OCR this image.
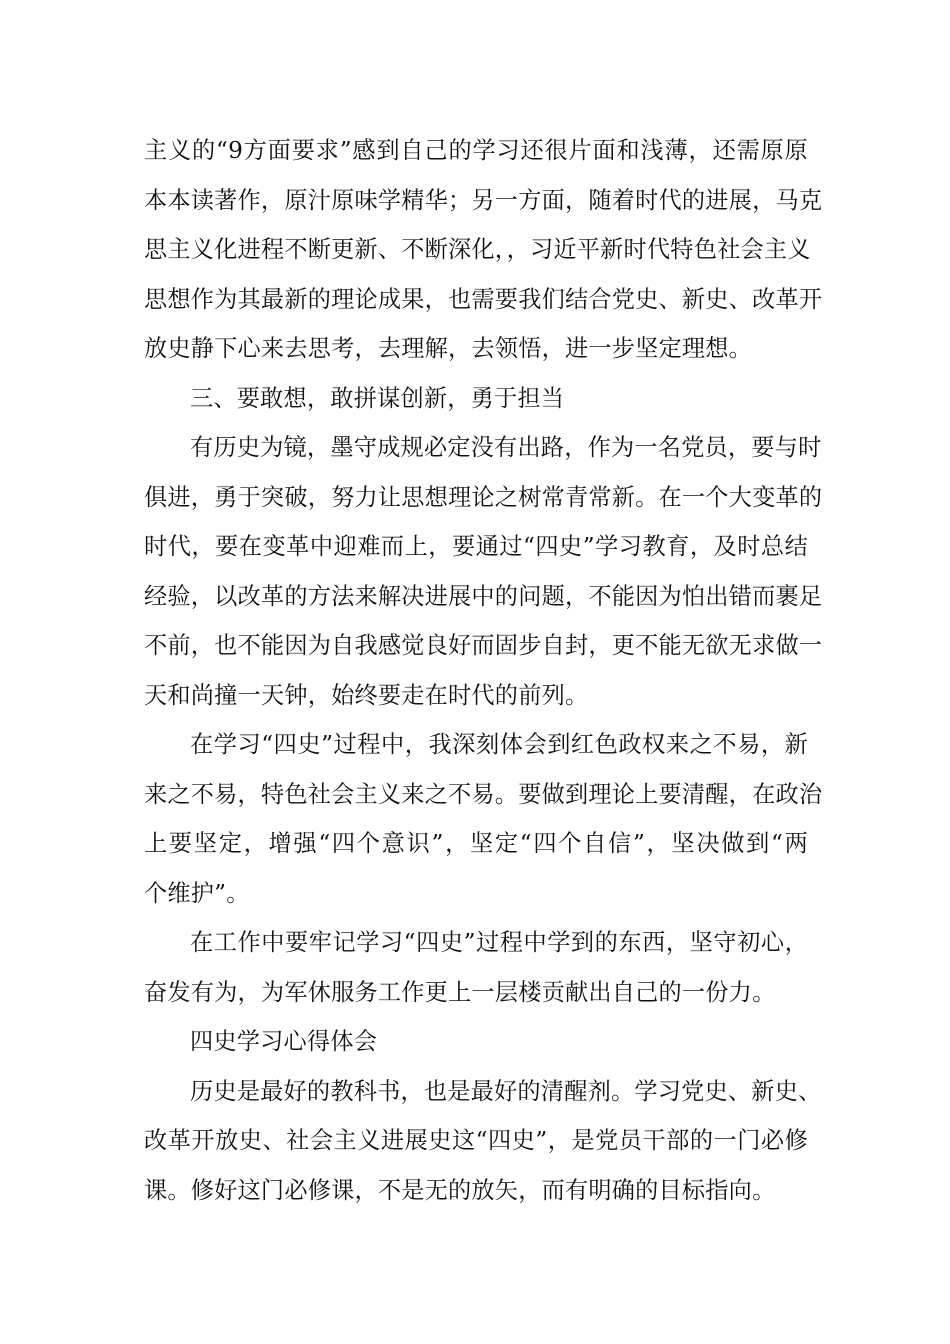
主义的“9方面要求”感到自己的学习还很片面和浅薄，还需原原
本本读著作，原汁原味学精华；另一方面，随着时代的进展，马克
思主义化进程不断更新、不断深化，，习近平新时代特色社会主义
思想作为其最新的理论成果，也需要我们结合党史、新史、改革开
放史静下心来去思考，去理解，去领悟，进一步坚定理想。
三、要敢想，敢拼谋创新，勇于担当
有历史为镜，墨守成规必定没有出路，作为一名党员，要与时
俱进，勇于突破，努力让思想理论之树常青常新。在一个大变革的
时代，要在变革中迎难而上，要通过“四史”学习教育，及时总结
经验，以改革的方法来解决进展中的问题，不能因为怕出错而裹足
不前，也不能因为自我感觉良好而固步自封，更不能无欲无求做一
天和尚撞一天钟，始终要走在时代的前列。
在学习“四史”过程中，我深刻体会到红色政权来之不易，新
来之不易，特色社会主义来之不易。要做到理论上要清醒，在政治
上要坚定，增强“四个意识”，坚定“四个自信”，坚决做到“两
个维护”。
在工作中要牢记学习“四史”过程中学到的东西，坚守初心，
奋发有为，为军休服务工作更上一层楼贡献出自己的一份力。
四史学习心得体会
历史是最好的教科书，也是最好的清醒剂。学习党史、新史、
改革开放史、社会主义进展史这“四史”，是党员干部的一门必修
课。修好这门必修课，不是无的放矢，而有明确的目标指向。
